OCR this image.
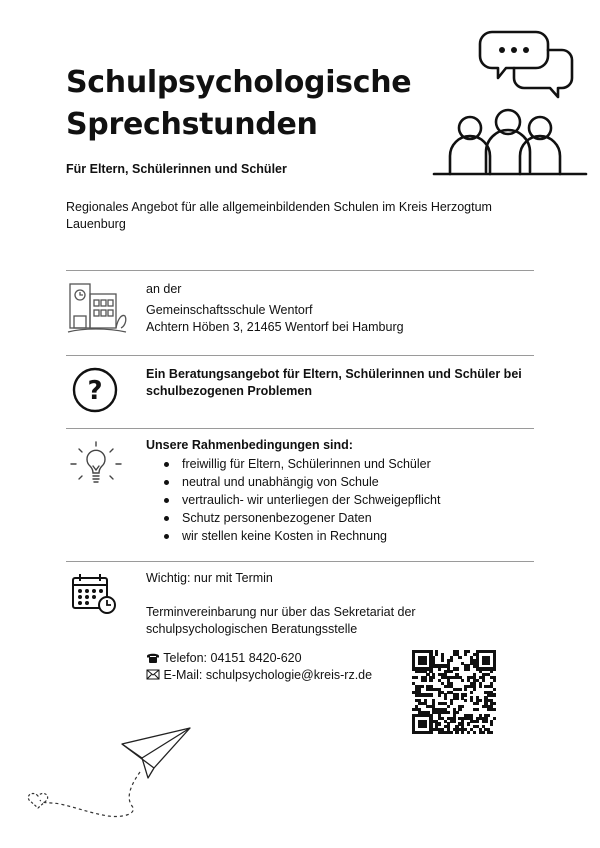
Schulpsychologische
Sprechstunden
Für Eltern, Schülerinnen und Schüler
Regionales Angebot für alle allgemeinbildenden Schulen im Kreis Herzogtum Lauenburg
an der
Gemeinschaftsschule Wentorf
Achtern Höben 3, 21465 Wentorf bei Hamburg
?
Ein Beratungsangebot für Eltern, Schülerinnen und Schüler bei schulbezogenen Problemen
Unsere Rahmenbedingungen sind:
freiwillig für Eltern, Schülerinnen und Schüler
neutral und unabhängig von Schule
vertraulich- wir unterliegen der Schweigepflicht
Schutz personenbezogener Daten
wir stellen keine Kosten in Rechnung
Wichtig: nur mit Termin
Terminvereinbarung nur über das Sekretariat der schulpsychologischen Beratungsstelle
Telefon: 04151 8420-620
E-Mail: schulpsychologie@kreis-rz.de
